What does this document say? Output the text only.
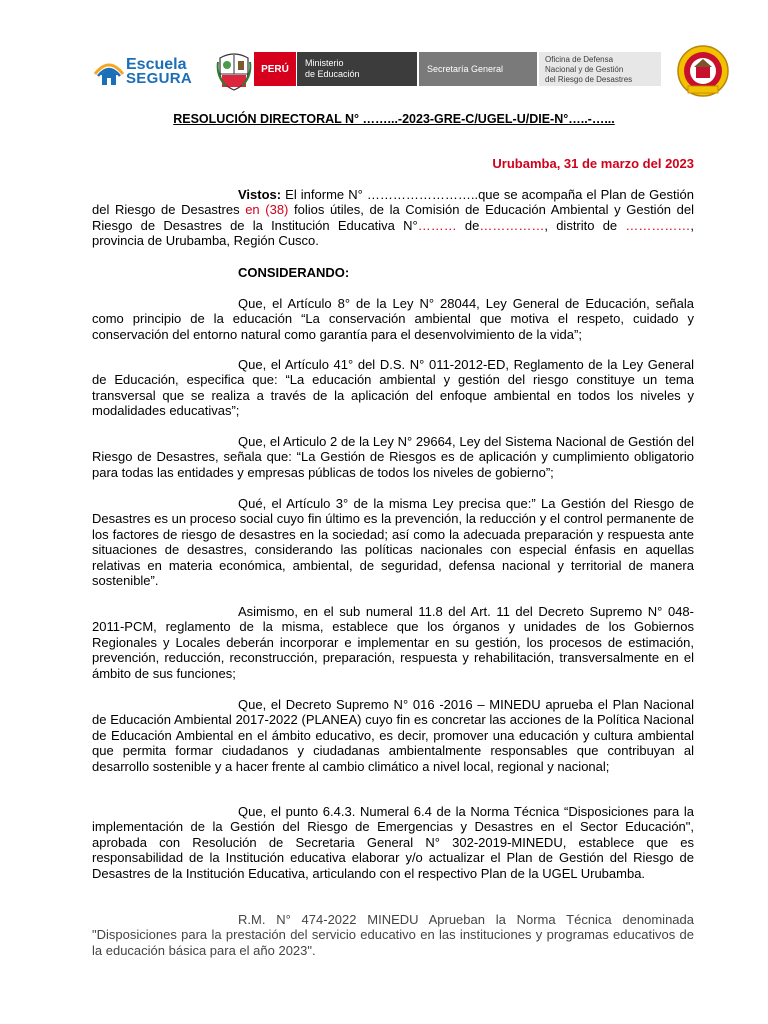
Escuela
SEGURA
PERÚ
Ministerio
de Educación	Secretaría General
Oficina de Defensa
Nacional y de Gestión
del Riesgo de Desastres
RESOLUCIÓN DIRECTORAL N° ……...-2023-GRE-C/UGEL-U/DIE-N°…..-…...
Urubamba, 31 de marzo del 2023
Vistos: El informe N° ……………………..que se acompaña el Plan de Gestión del Riesgo de Desastres en (38) folios útiles, de la Comisión de Educación Ambiental y Gestión del Riesgo de Desastres de la Institución Educativa N°……… de……………, distrito de ……………, provincia de Urubamba, Región Cusco.
CONSIDERANDO:
Que, el Artículo 8° de la Ley N° 28044, Ley General de Educación, señala como principio de la educación “La conservación ambiental que motiva el respeto, cuidado y conservación del entorno natural como garantía para el desenvolvimiento de la vida”;
Que, el Artículo 41° del D.S. N° 011-2012-ED, Reglamento de la Ley General de Educación, especifica que: “La educación ambiental y gestión del riesgo constituye un tema transversal que se realiza a través de la aplicación del enfoque ambiental en todos los niveles y modalidades educativas”;
Que, el Articulo 2 de la Ley N° 29664, Ley del Sistema Nacional de Gestión del Riesgo de Desastres, señala que: “La Gestión de Riesgos es de aplicación y cumplimiento obligatorio para todas las entidades y empresas públicas de todos los niveles de gobierno”;
Qué, el Artículo 3° de la misma Ley precisa que:” La Gestión del Riesgo de Desastres es un proceso social cuyo fin último es la prevención, la reducción y el control permanente de los factores de riesgo de desastres en la sociedad; así como la adecuada preparación y respuesta ante situaciones de desastres, considerando las políticas nacionales con especial énfasis en aquellas relativas en materia económica, ambiental, de seguridad, defensa nacional y territorial de manera sostenible”.
Asimismo, en el sub numeral 11.8 del Art. 11 del Decreto Supremo N° 048-2011-PCM, reglamento de la misma, establece que los órganos y unidades de los Gobiernos Regionales y Locales deberán incorporar e implementar en su gestión, los procesos de estimación, prevención, reducción, reconstrucción, preparación, respuesta y rehabilitación, transversalmente en el ámbito de sus funciones;
Que, el Decreto Supremo N° 016 -2016 – MINEDU aprueba el Plan Nacional de Educación Ambiental 2017-2022 (PLANEA) cuyo fin es concretar las acciones de la Política Nacional de Educación Ambiental en el ámbito educativo, es decir, promover una educación y cultura ambiental que permita formar ciudadanos y ciudadanas ambientalmente responsables que contribuyan al desarrollo sostenible y a hacer frente al cambio climático a nivel local, regional y nacional;
Que, el punto 6.4.3. Numeral 6.4 de la Norma Técnica “Disposiciones para la implementación de la Gestión del Riesgo de Emergencias y Desastres en el Sector Educación", aprobada con Resolución de Secretaria General N° 302-2019-MINEDU, establece que es responsabilidad de la Institución educativa elaborar y/o actualizar el Plan de Gestión del Riesgo de Desastres de la Institución Educativa, articulando con el respectivo Plan de la UGEL Urubamba.
R.M. N° 474-2022 MINEDU Aprueban la Norma Técnica denominada "Disposiciones para la prestación del servicio educativo en las instituciones y programas educativos de la educación básica para el año 2023".
